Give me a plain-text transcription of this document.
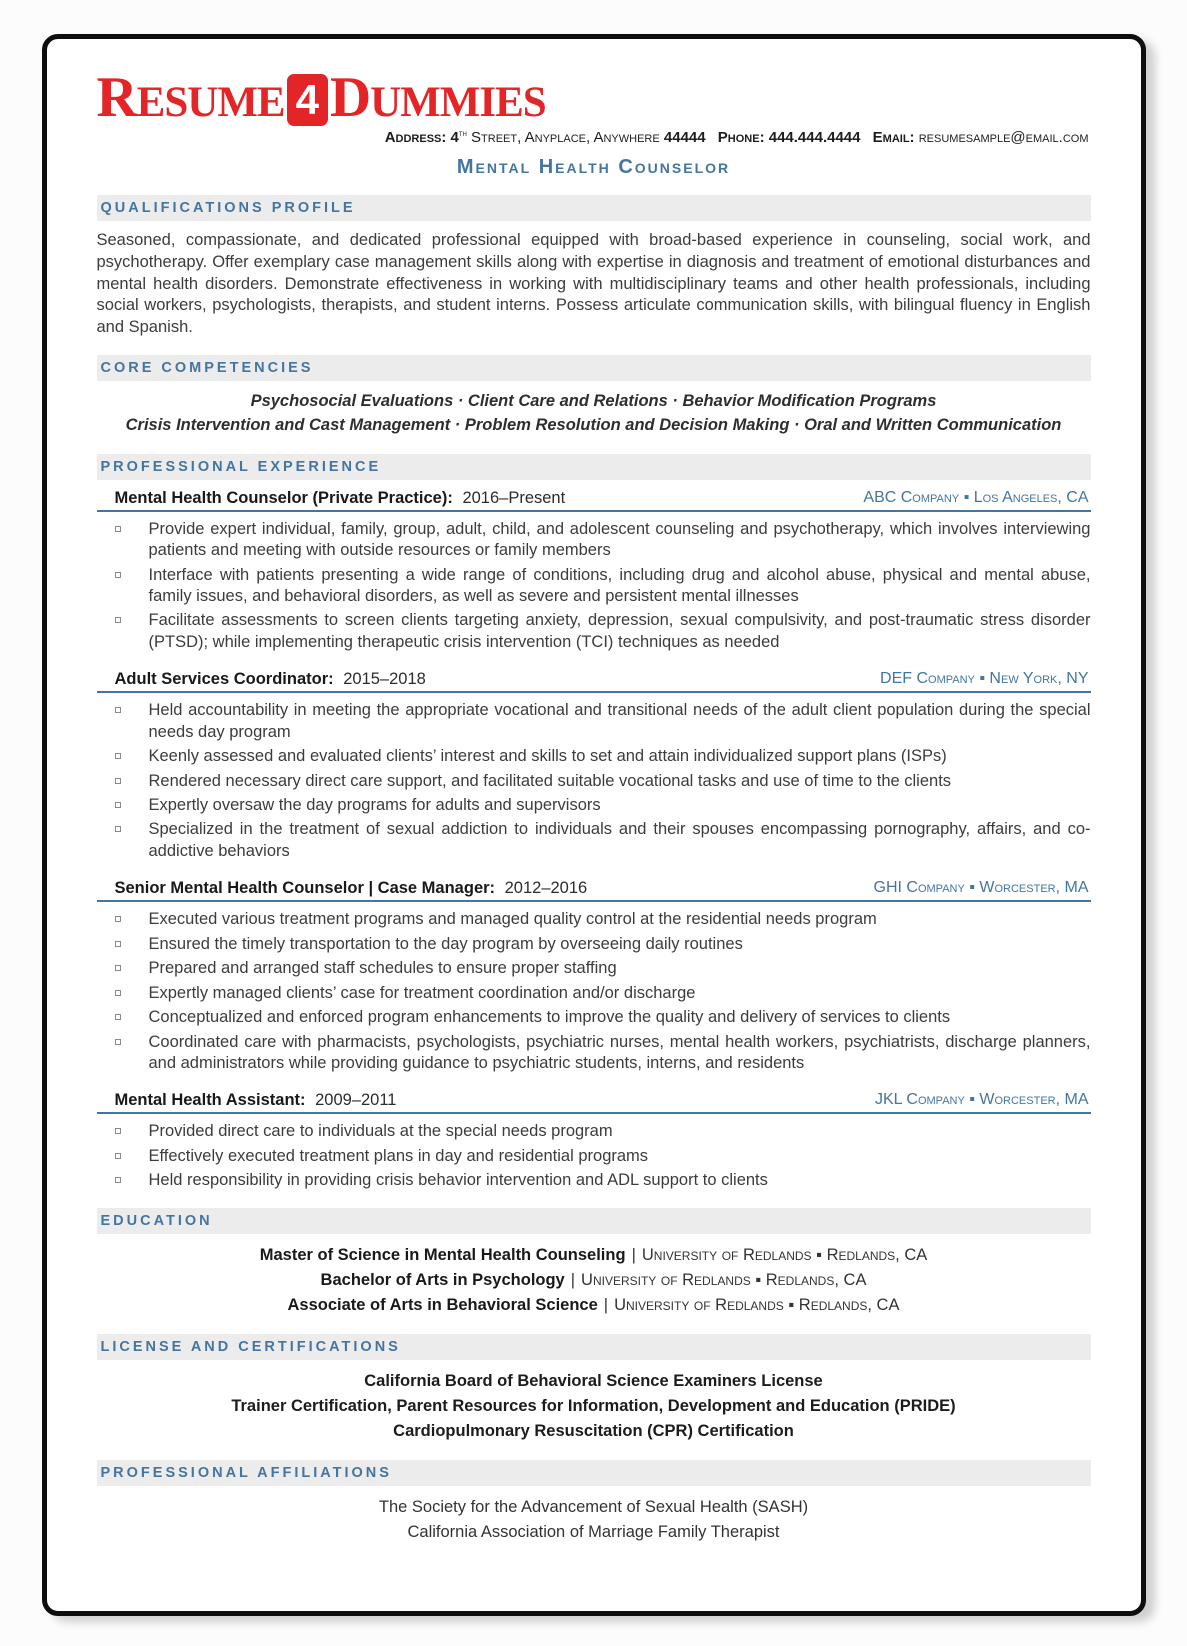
RESUME 4 DUMMIES
Address: 4th Street, Anyplace, Anywhere 44444 Phone: 444.444.4444 Email: resumesample@email.com
Mental Health Counselor
QUALIFICATIONS PROFILE

Seasoned, compassionate, and dedicated professional equipped with broad-based experience in counseling, social work, and psychotherapy. Offer exemplary case management skills along with expertise in diagnosis and treatment of emotional disturbances and mental health disorders. Demonstrate effectiveness in working with multidisciplinary teams and other health professionals, including social workers, psychologists, therapists, and student interns. Possess articulate communication skills, with bilingual fluency in English and Spanish.

CORE COMPETENCIES
Psychosocial Evaluations · Client Care and Relations · Behavior Modification Programs
Crisis Intervention and Cast Management · Problem Resolution and Decision Making · Oral and Written Communication
PROFESSIONAL EXPERIENCE
Mental Health Counselor (Private Practice): 2016–Present	ABC Company ▪ Los Angeles, CA
Provide expert individual, family, group, adult, child, and adolescent counseling and psychotherapy, which involves interviewing patients and meeting with outside resources or family members
Interface with patients presenting a wide range of conditions, including drug and alcohol abuse, physical and mental abuse, family issues, and behavioral disorders, as well as severe and persistent mental illnesses
Facilitate assessments to screen clients targeting anxiety, depression, sexual compulsivity, and post-traumatic stress disorder (PTSD); while implementing therapeutic crisis intervention (TCI) techniques as needed
Adult Services Coordinator: 2015–2018	DEF Company ▪ New York, NY
Held accountability in meeting the appropriate vocational and transitional needs of the adult client population during the special needs day program
Keenly assessed and evaluated clients’ interest and skills to set and attain individualized support plans (ISPs)
Rendered necessary direct care support, and facilitated suitable vocational tasks and use of time to the clients
Expertly oversaw the day programs for adults and supervisors
Specialized in the treatment of sexual addiction to individuals and their spouses encompassing pornography, affairs, and co-addictive behaviors
Senior Mental Health Counselor | Case Manager: 2012–2016	GHI Company ▪ Worcester, MA
Executed various treatment programs and managed quality control at the residential needs program
Ensured the timely transportation to the day program by overseeing daily routines
Prepared and arranged staff schedules to ensure proper staffing
Expertly managed clients’ case for treatment coordination and/or discharge
Conceptualized and enforced program enhancements to improve the quality and delivery of services to clients
Coordinated care with pharmacists, psychologists, psychiatric nurses, mental health workers, psychiatrists, discharge planners, and administrators while providing guidance to psychiatric students, interns, and residents
Mental Health Assistant: 2009–2011	JKL Company ▪ Worcester, MA
Provided direct care to individuals at the special needs program
Effectively executed treatment plans in day and residential programs
Held responsibility in providing crisis behavior intervention and ADL support to clients
EDUCATION
Master of Science in Mental Health Counseling | University of Redlands ▪ Redlands, CA
Bachelor of Arts in Psychology | University of Redlands ▪ Redlands, CA
Associate of Arts in Behavioral Science | University of Redlands ▪ Redlands, CA
LICENSE AND CERTIFICATIONS
California Board of Behavioral Science Examiners License
Trainer Certification, Parent Resources for Information, Development and Education (PRIDE)
Cardiopulmonary Resuscitation (CPR) Certification
PROFESSIONAL AFFILIATIONS
The Society for the Advancement of Sexual Health (SASH)
California Association of Marriage Family Therapist
